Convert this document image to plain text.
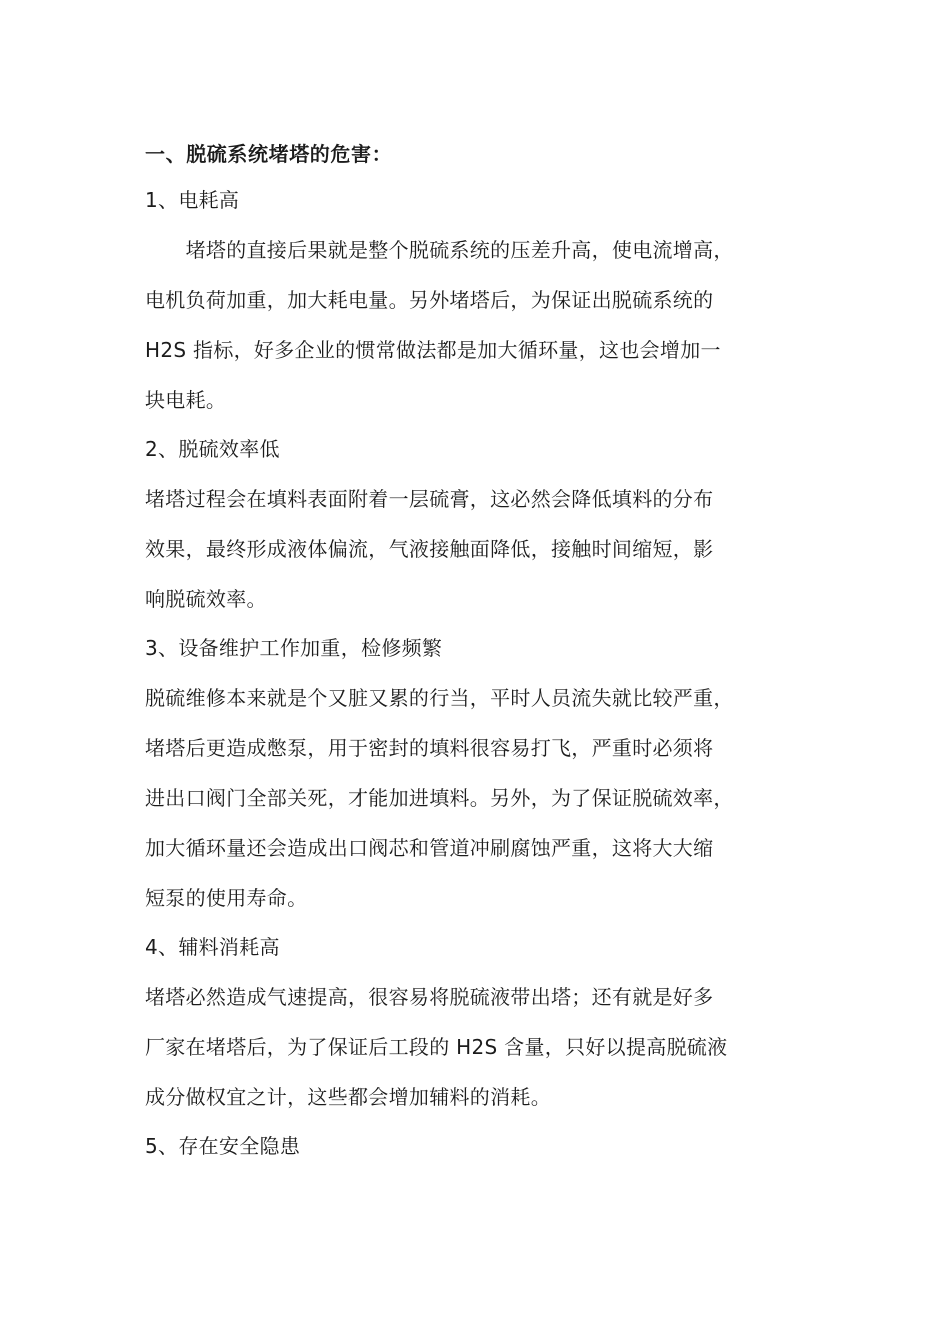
一、脱硫系统堵塔的危害：
1、电耗高
　　堵塔的直接后果就是整个脱硫系统的压差升高，使电流增高，
电机负荷加重，加大耗电量。另外堵塔后，为保证出脱硫系统的
H2S 指标，好多企业的惯常做法都是加大循环量，这也会增加一
块电耗。
2、脱硫效率低
堵塔过程会在填料表面附着一层硫膏，这必然会降低填料的分布
效果，最终形成液体偏流，气液接触面降低，接触时间缩短，影
响脱硫效率。
3、设备维护工作加重，检修频繁
脱硫维修本来就是个又脏又累的行当，平时人员流失就比较严重，
堵塔后更造成憋泵，用于密封的填料很容易打飞，严重时必须将
进出口阀门全部关死，才能加进填料。另外，为了保证脱硫效率，
加大循环量还会造成出口阀芯和管道冲刷腐蚀严重，这将大大缩
短泵的使用寿命。
4、辅料消耗高
堵塔必然造成气速提高，很容易将脱硫液带出塔；还有就是好多
厂家在堵塔后，为了保证后工段的 H2S 含量，只好以提高脱硫液
成分做权宜之计，这些都会增加辅料的消耗。
5、存在安全隐患
